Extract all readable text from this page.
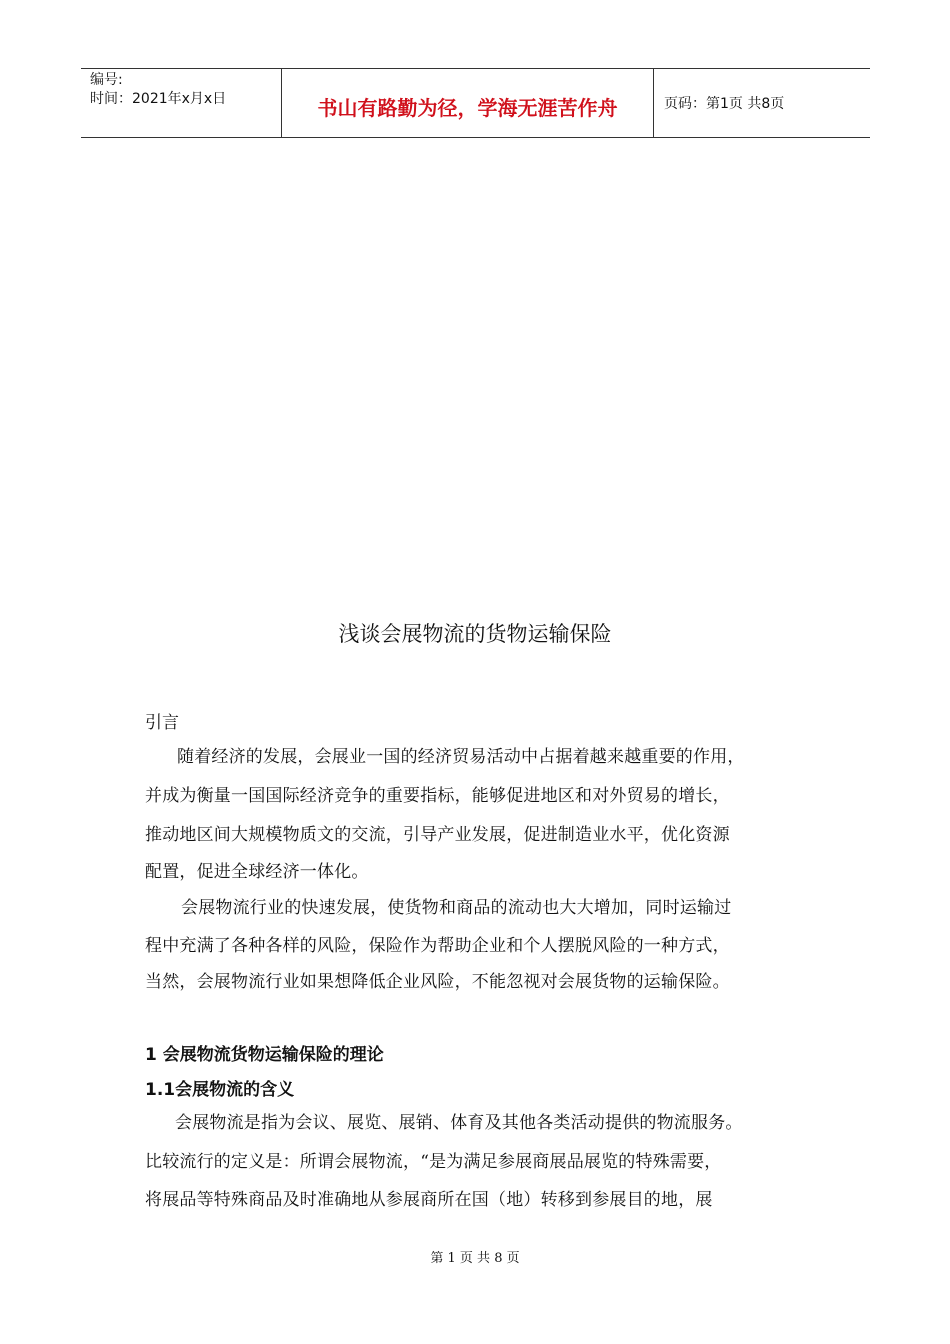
编号:
时间：2021年x月x日	书山有路勤为径，学海无涯苦作舟	页码：第1页 共8页
浅谈会展物流的货物运输保险
引言
随着经济的发展，会展业一国的经济贸易活动中占据着越来越重要的作用，
并成为衡量一国国际经济竞争的重要指标，能够促进地区和对外贸易的增长，
推动地区间大规模物质文的交流，引导产业发展，促进制造业水平，优化资源
配置，促进全球经济一体化。
会展物流行业的快速发展，使货物和商品的流动也大大增加，同时运输过
程中充满了各种各样的风险，保险作为帮助企业和个人摆脱风险的一种方式，
当然，会展物流行业如果想降低企业风险，不能忽视对会展货物的运输保险。
1 会展物流货物运输保险的理论
1.1会展物流的含义
会展物流是指为会议、展览、展销、体育及其他各类活动提供的物流服务。
比较流行的定义是：所谓会展物流，“是为满足参展商展品展览的特殊需要，
将展品等特殊商品及时准确地从参展商所在国（地）转移到参展目的地，展
第 1 页 共 8 页
